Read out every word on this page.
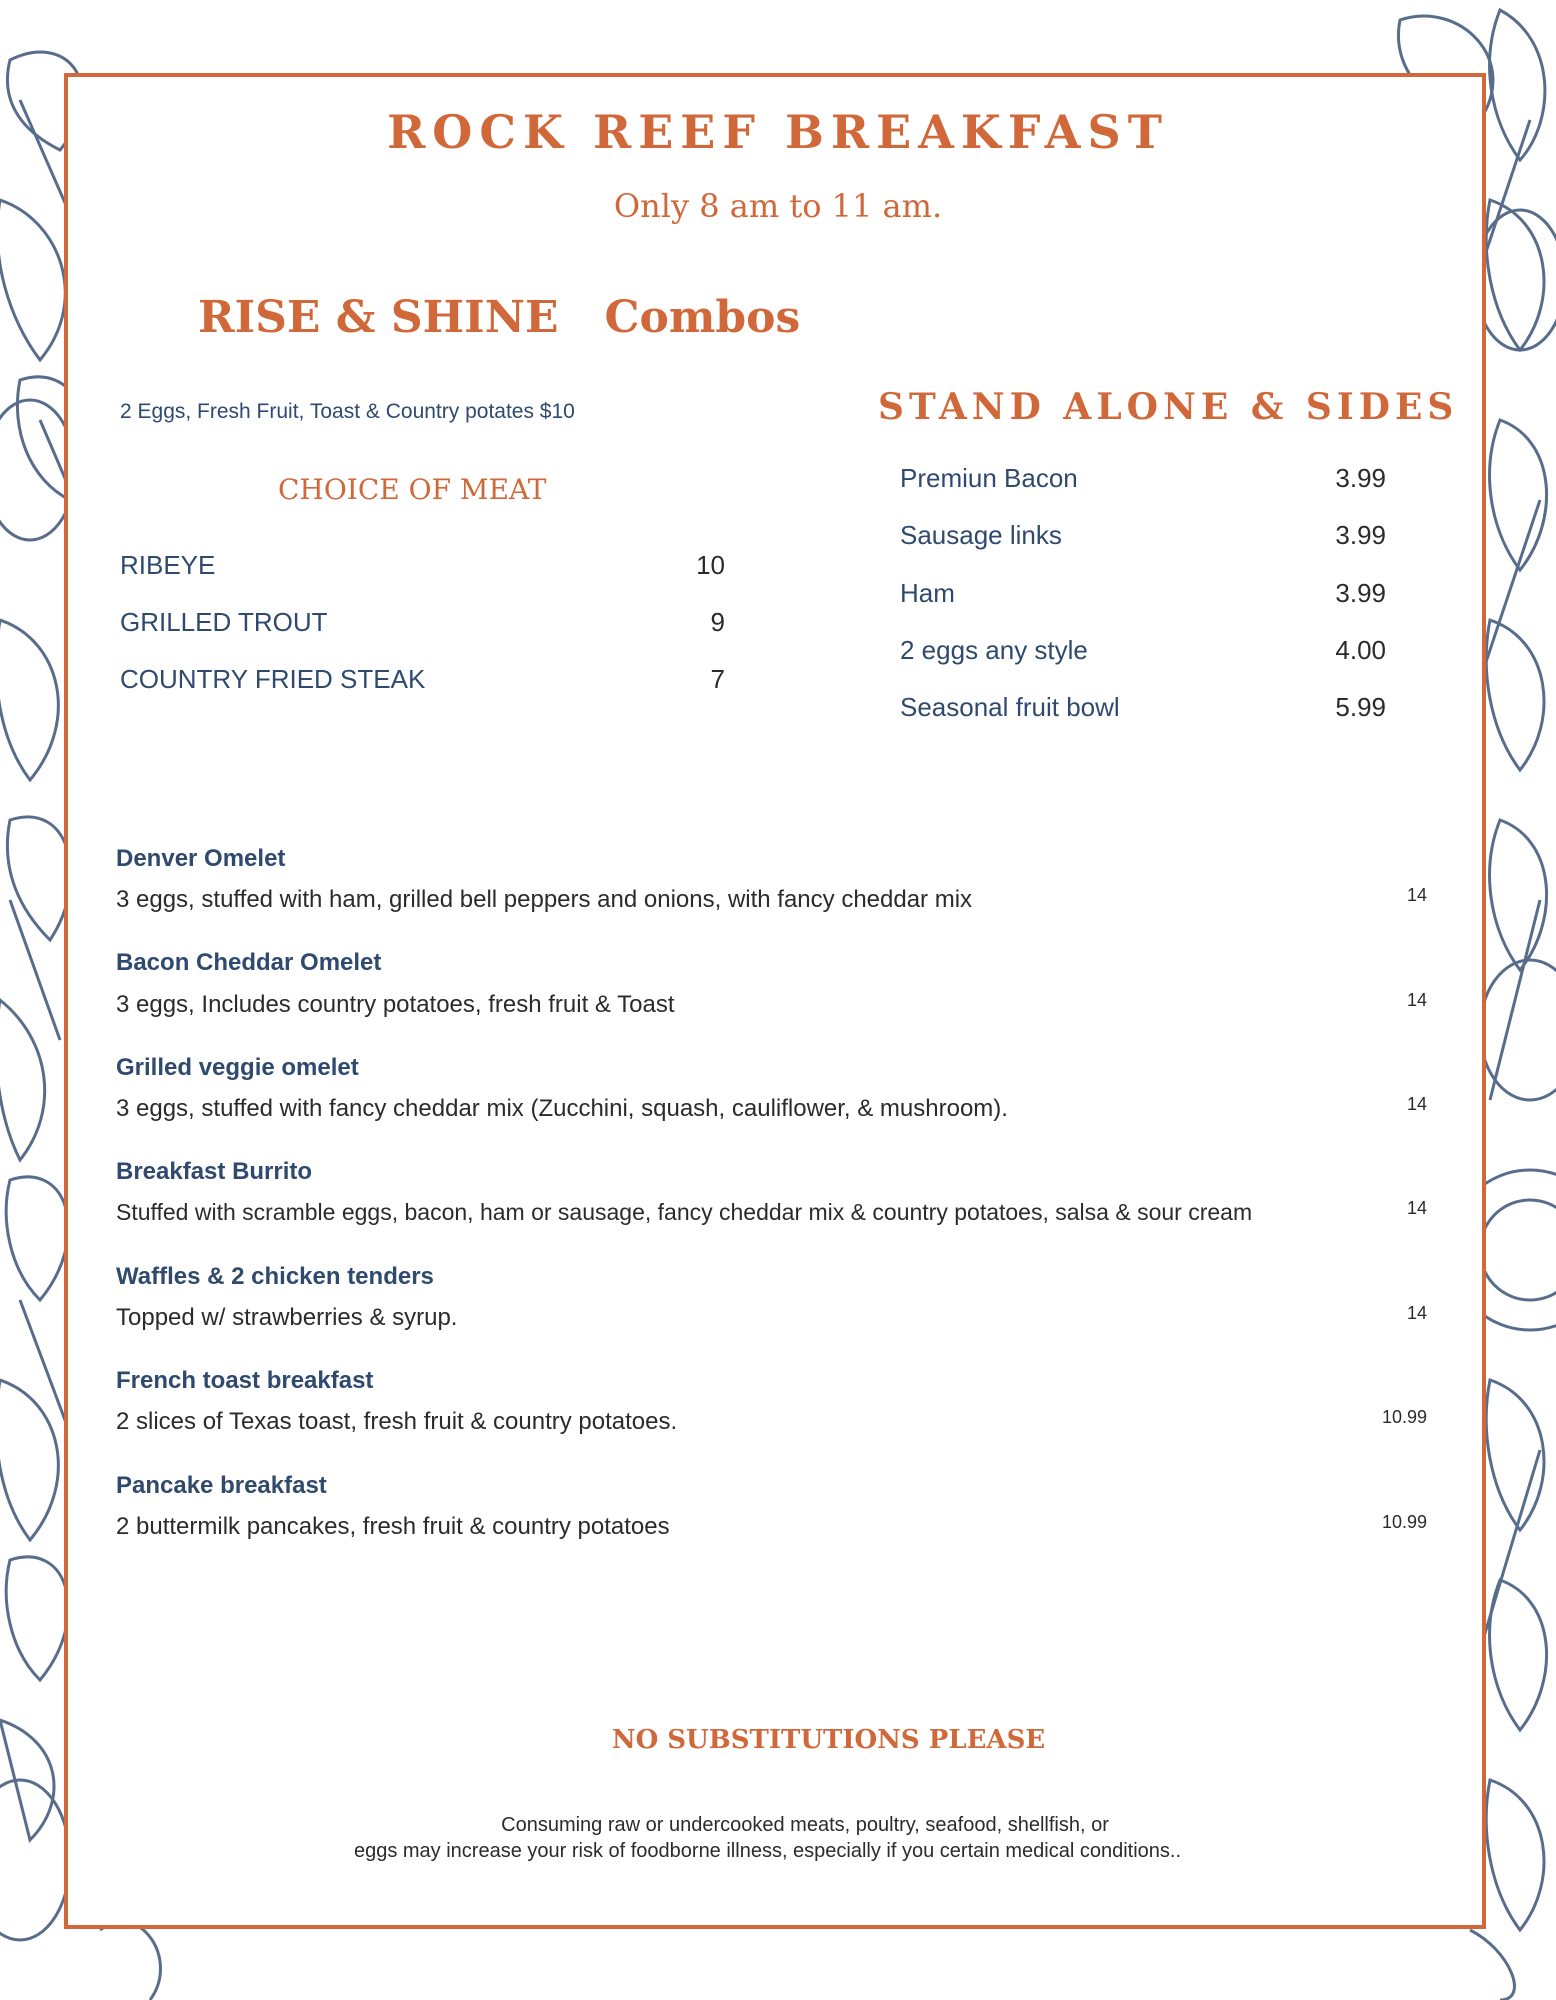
ROCK REEF BREAKFAST
Only 8 am to 11 am.
RISE & SHINE   Combos
2 Eggs, Fresh Fruit, Toast & Country potates $10
CHOICE OF MEAT
RIBEYE	10
GRILLED TROUT	9
COUNTRY FRIED STEAK	7
STAND ALONE & SIDES
Premiun Bacon	3.99
Sausage links	3.99
Ham	3.99
2 eggs any style	4.00
Seasonal fruit bowl	5.99
Denver Omelet
3 eggs, stuffed with ham, grilled bell peppers and onions, with fancy cheddar mix	14
Bacon Cheddar Omelet
3 eggs, Includes country potatoes, fresh fruit & Toast	14
Grilled veggie omelet
3 eggs, stuffed with fancy cheddar mix (Zucchini, squash, cauliflower, & mushroom).	14
Breakfast Burrito
Stuffed with scramble eggs, bacon, ham or sausage, fancy cheddar mix & country potatoes, salsa & sour cream	14
Waffles & 2 chicken tenders
Topped w/ strawberries & syrup.	14
French toast breakfast
2 slices of Texas toast, fresh fruit & country potatoes.	10.99
Pancake breakfast
2 buttermilk pancakes, fresh fruit & country potatoes	10.99
NO SUBSTITUTIONS PLEASE
Consuming raw or undercooked meats, poultry, seafood, shellfish, or
eggs may increase your risk of foodborne illness, especially if you certain medical conditions..
